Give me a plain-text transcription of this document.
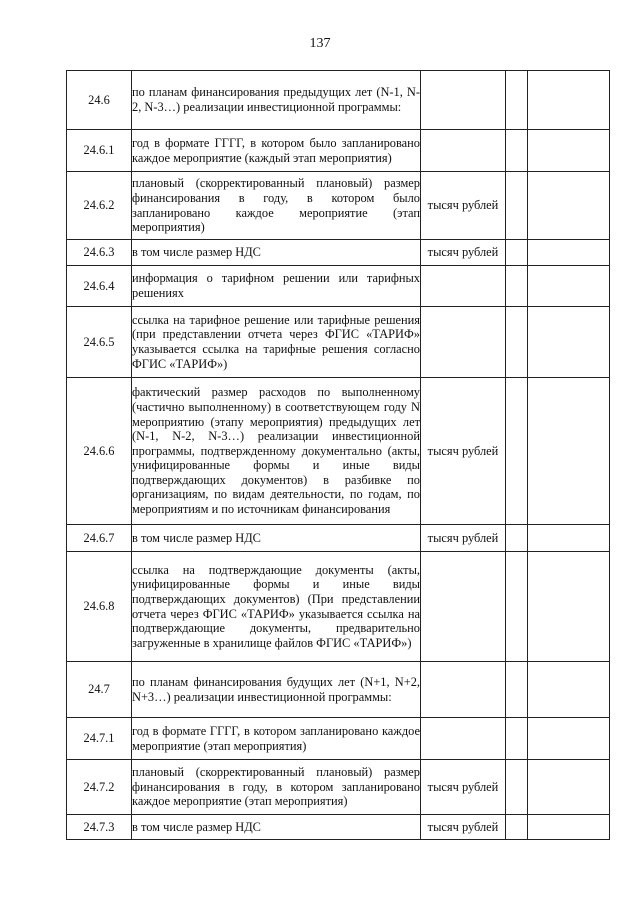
137
24.6	по планам финансирования предыдущих лет (N-1, N-2, N-3…) реализации инвестиционной программы:			
24.6.1	год в формате ГГГГ, в котором было запланировано каждое мероприятие (каждый этап мероприятия)			
24.6.2	плановый (скорректированный плановый) размер финансирования в году, в котором было запланировано каждое мероприятие (этап мероприятия)	тысяч рублей		
24.6.3	в том числе размер НДС	тысяч рублей		
24.6.4	информация о тарифном решении или тарифных решениях			
24.6.5	ссылка на тарифное решение или тарифные решения (при представлении отчета через ФГИС «ТАРИФ» указывается ссылка на тарифные решения согласно ФГИС «ТАРИФ»)			
24.6.6	фактический размер расходов по выполненному (частично выполненному) в соответствующем году N мероприятию (этапу мероприятия) предыдущих лет (N-1, N-2, N-3…) реализации инвестиционной программы, подтвержденному документально (акты, унифицированные формы и иные виды подтверждающих документов) в разбивке по организациям, по видам деятельности, по годам, по мероприятиям и по источникам финансирования	тысяч рублей		
24.6.7	в том числе размер НДС	тысяч рублей		
24.6.8	ссылка на подтверждающие документы (акты, унифицированные формы и иные виды подтверждающих документов) (При представлении отчета через ФГИС «ТАРИФ» указывается ссылка на подтверждающие документы, предварительно загруженные в хранилище файлов ФГИС «ТАРИФ»)			
24.7	по планам финансирования будущих лет (N+1, N+2, N+3…) реализации инвестиционной программы:			
24.7.1	год в формате ГГГГ, в котором запланировано каждое мероприятие (этап мероприятия)			
24.7.2	плановый (скорректированный плановый) размер финансирования в году, в котором запланировано каждое мероприятие (этап мероприятия)	тысяч рублей		
24.7.3	в том числе размер НДС	тысяч рублей		
